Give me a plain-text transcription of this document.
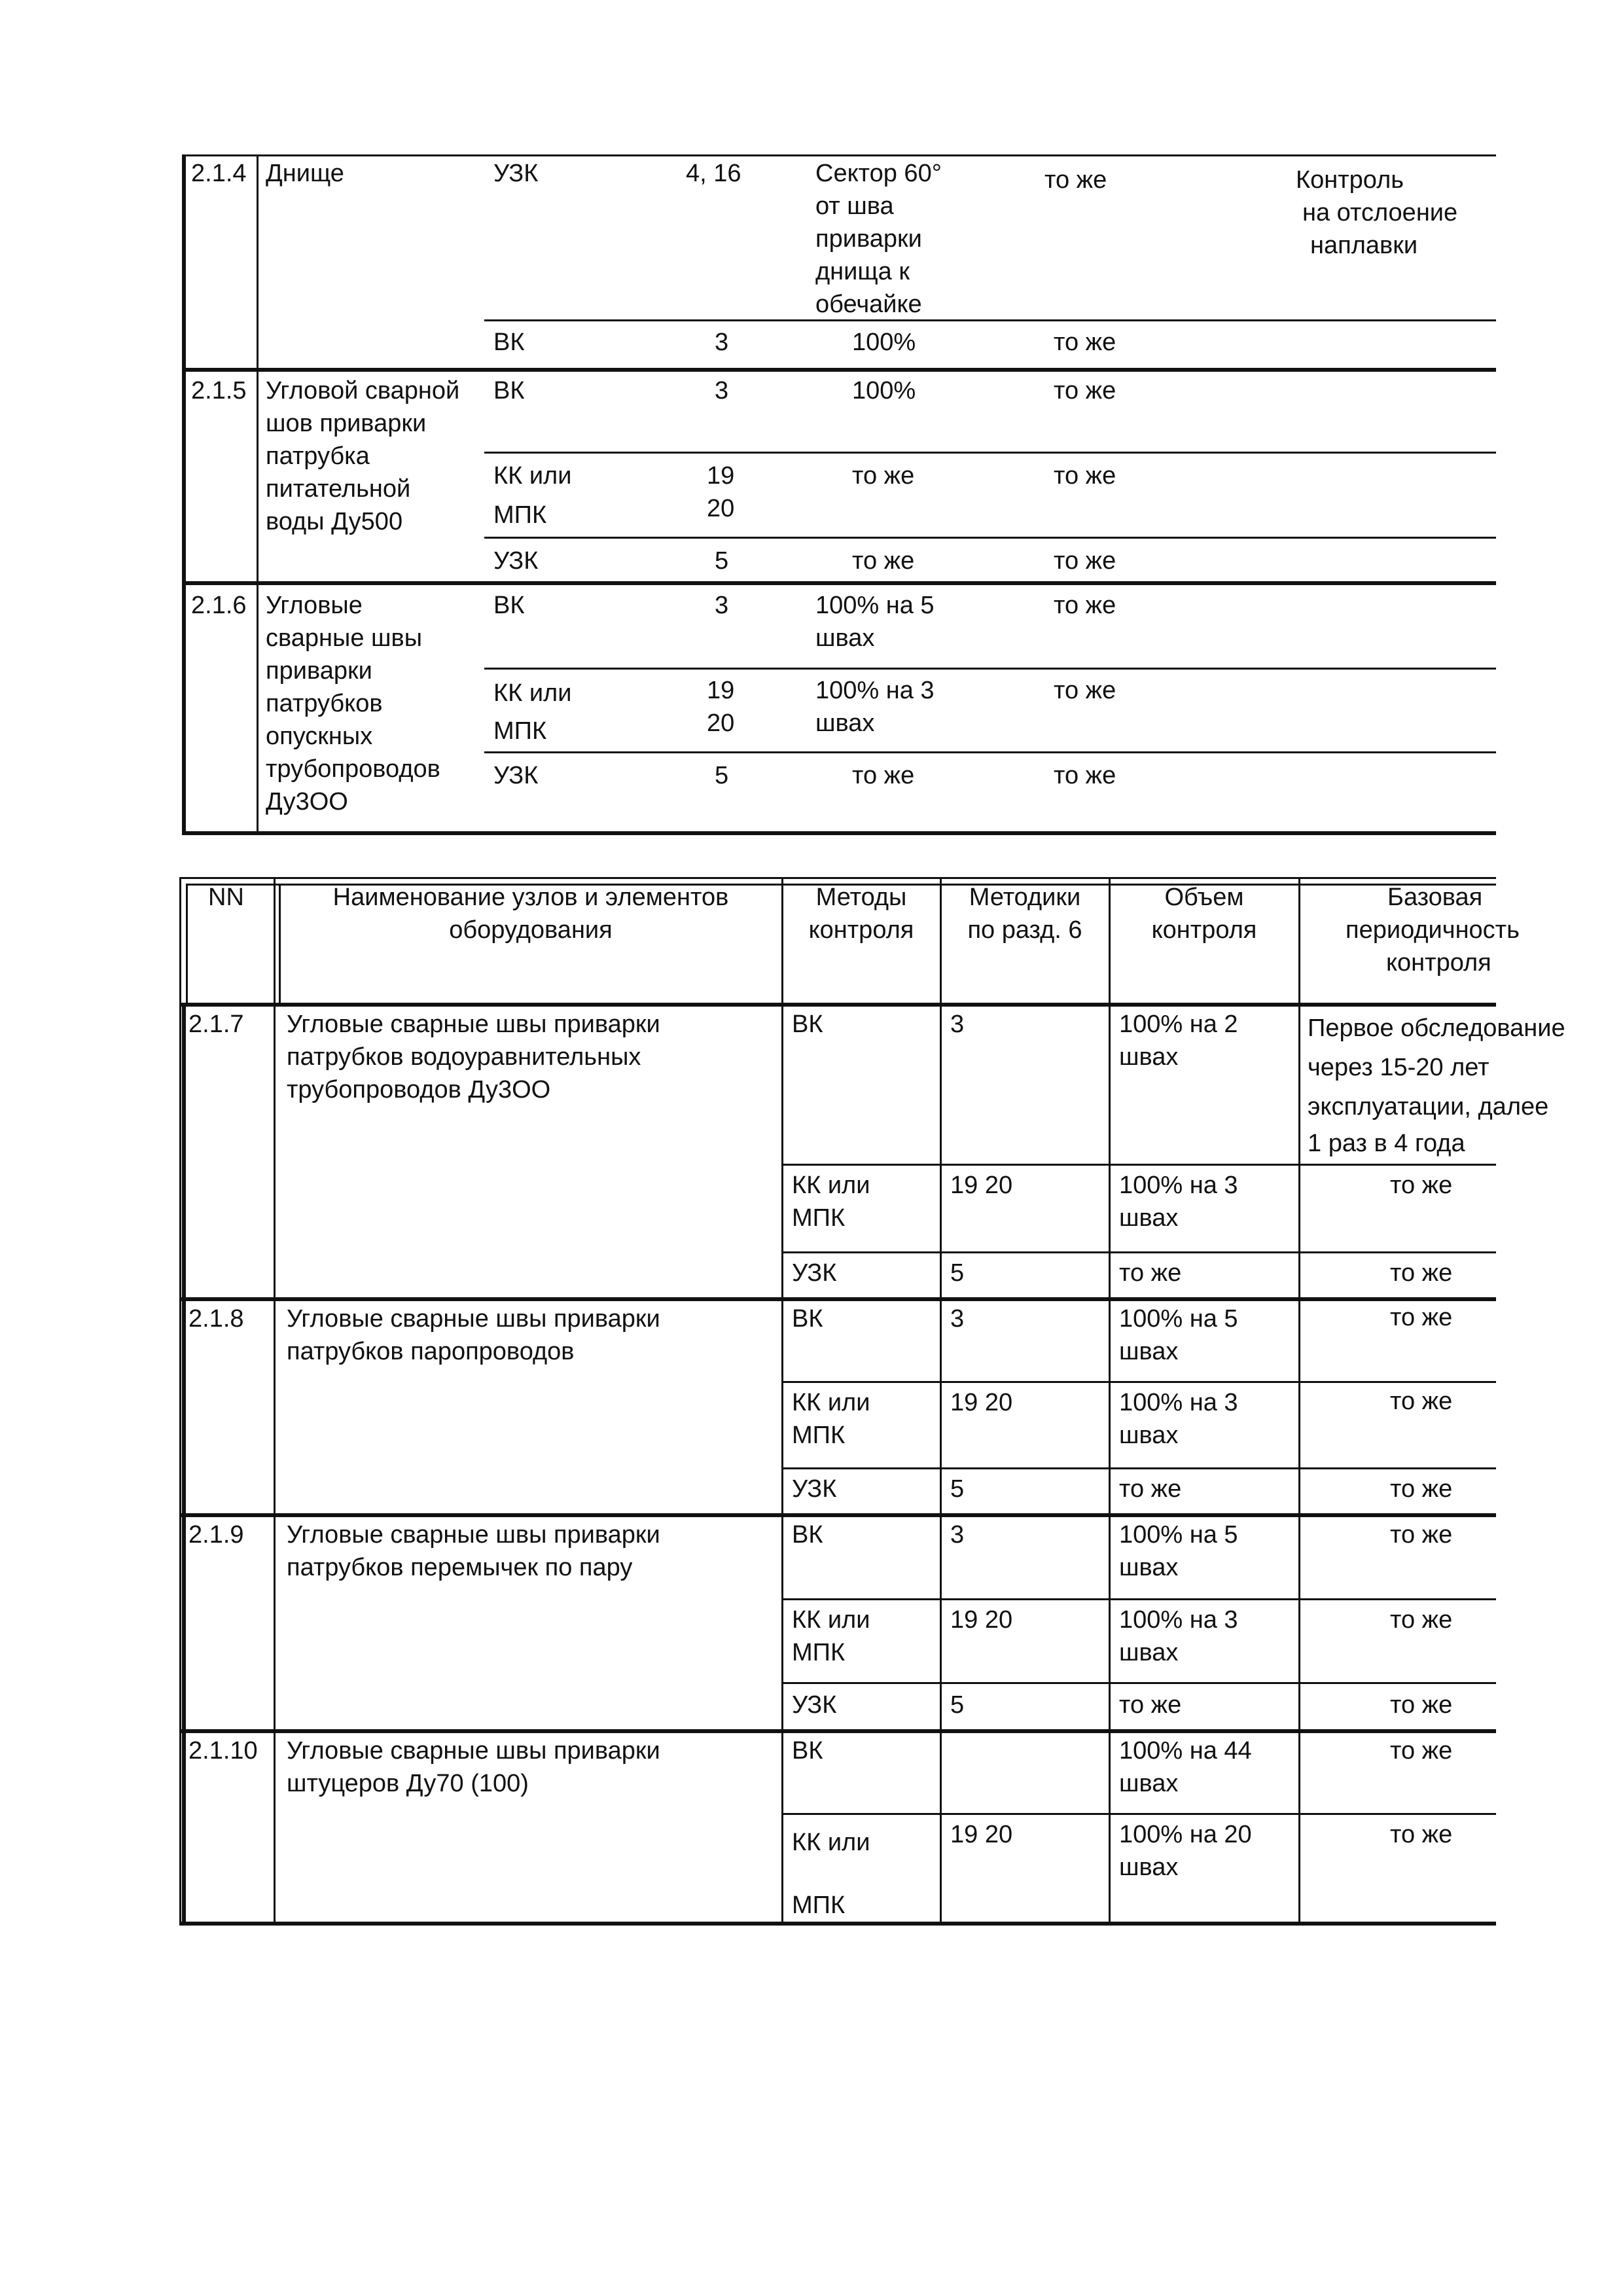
2.1.4 Днище	УЗК	4, 16	Сектор 60°
от шва
приварки
днища к
обечайке
то же	Контроль
на отслоение
наплавки
ВК	3	100%	то же
2.1.5 Угловой сварной
шов приварки
патрубка
питательной
воды Ду500
ВК	3	100%	то же
КК или
МПК
19
20
то же	то же
УЗК	5	то же	то же
2.1.6 Угловые
сварные швы
приварки
патрубков
опускных
трубопроводов
Ду3ОО
ВК	3	100% на 5
швах
то же
КК или
МПК
19
20
100% на 3
швах
то же
УЗК	5	то же	то же
NN	Наименование узлов и элементов
оборудования
Методы
контроля
Методики
по разд. 6
Объем
контроля
Базовая
периодичность
контроля
Первое обследование
через 15-20 лет
эксплуатации, далее
1 раз в 4 года
то же
то же
то же
то же
то же
то же
то же
то же
то же
то же
2.1.7 Угловые сварные швы приварки
патрубков водоуравнительных
трубопроводов Ду3ОО
ВК	3	100% на 2
швах
КК или
МПК
19 20	100% на 3
швах
УЗК	5	то же
2.1.8 Угловые сварные швы приварки
патрубков паропроводов
ВК	3	100% на 5
швах
КК или
МПК
19 20	100% на 3
швах
УЗК	5	то же
2.1.9 Угловые сварные швы приварки
патрубков перемычек по пару
ВК	3	100% на 5
швах
КК или
МПК
19 20	100% на 3
швах
УЗК	5	то же
2.1.10 Угловые сварные швы приварки
штуцеров Ду70 (100)
ВК	100% на 44
швах
КК или
МПК
19 20	100% на 20
швах
